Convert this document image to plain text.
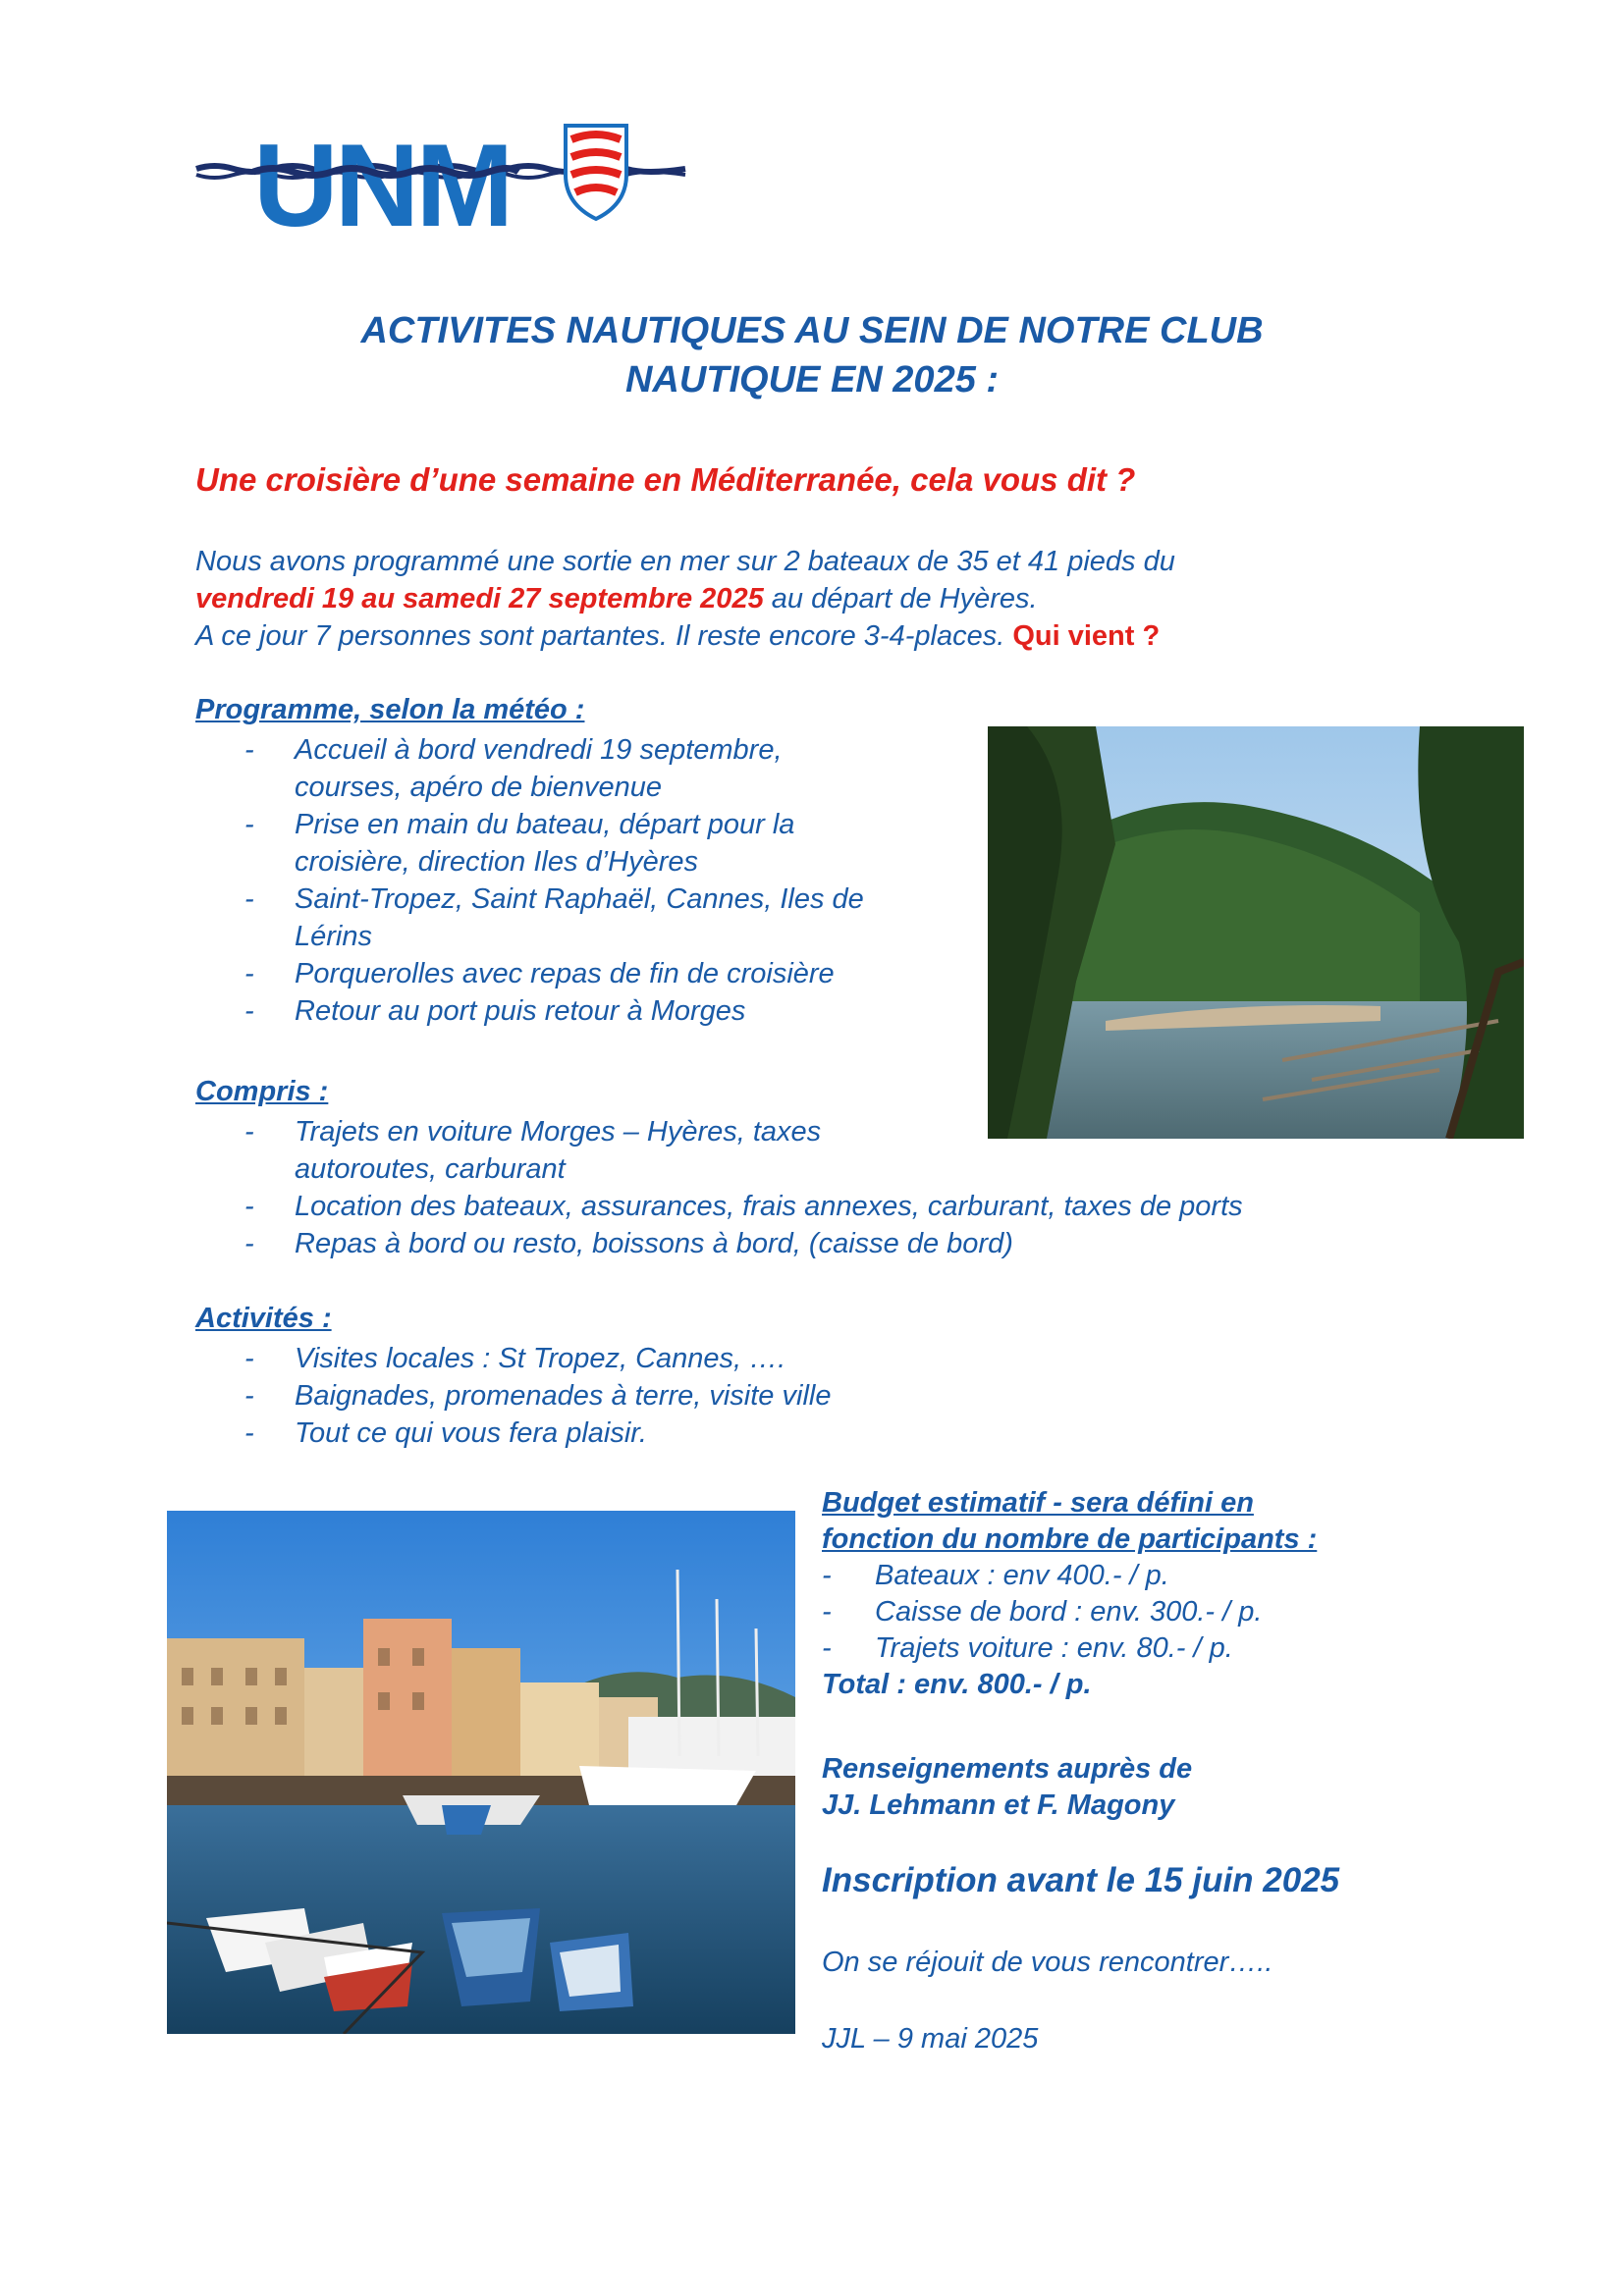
UNM
ACTIVITES NAUTIQUES AU SEIN DE NOTRE CLUB
NAUTIQUE EN 2025 :
Une croisière d’une semaine en Méditerranée, cela vous dit ?
Nous avons programmé une sortie en mer sur 2 bateaux de 35 et 41 pieds du
vendredi 19 au samedi 27 septembre 2025 au départ de Hyères.
A ce jour 7 personnes sont partantes. Il reste encore 3-4-places. Qui vient ?
Programme, selon la météo :
- Accueil à bord vendredi 19 septembre,
courses, apéro de bienvenue
- Prise en main du bateau, départ pour la
croisière, direction Iles d’Hyères
- Saint-Tropez, Saint Raphaël, Cannes, Iles de
Lérins
- Porquerolles avec repas de fin de croisière
- Retour au port puis retour à Morges
Compris :
- Trajets en voiture Morges – Hyères, taxes
autoroutes, carburant
- Location des bateaux, assurances, frais annexes, carburant, taxes de ports
- Repas à bord ou resto, boissons à bord, (caisse de bord)
Activités :
- Visites locales : St Tropez, Cannes, ….
- Baignades, promenades à terre, visite ville
- Tout ce qui vous fera plaisir.
Budget estimatif - sera défini en
fonction du nombre de participants :
- Bateaux : env 400.- / p.
- Caisse de bord : env. 300.- / p.
- Trajets voiture : env. 80.- / p.
Total : env. 800.- / p.
Renseignements auprès de
JJ. Lehmann et F. Magony
Inscription avant le 15 juin 2025
On se réjouit de vous rencontrer…..
JJL – 9 mai 2025
